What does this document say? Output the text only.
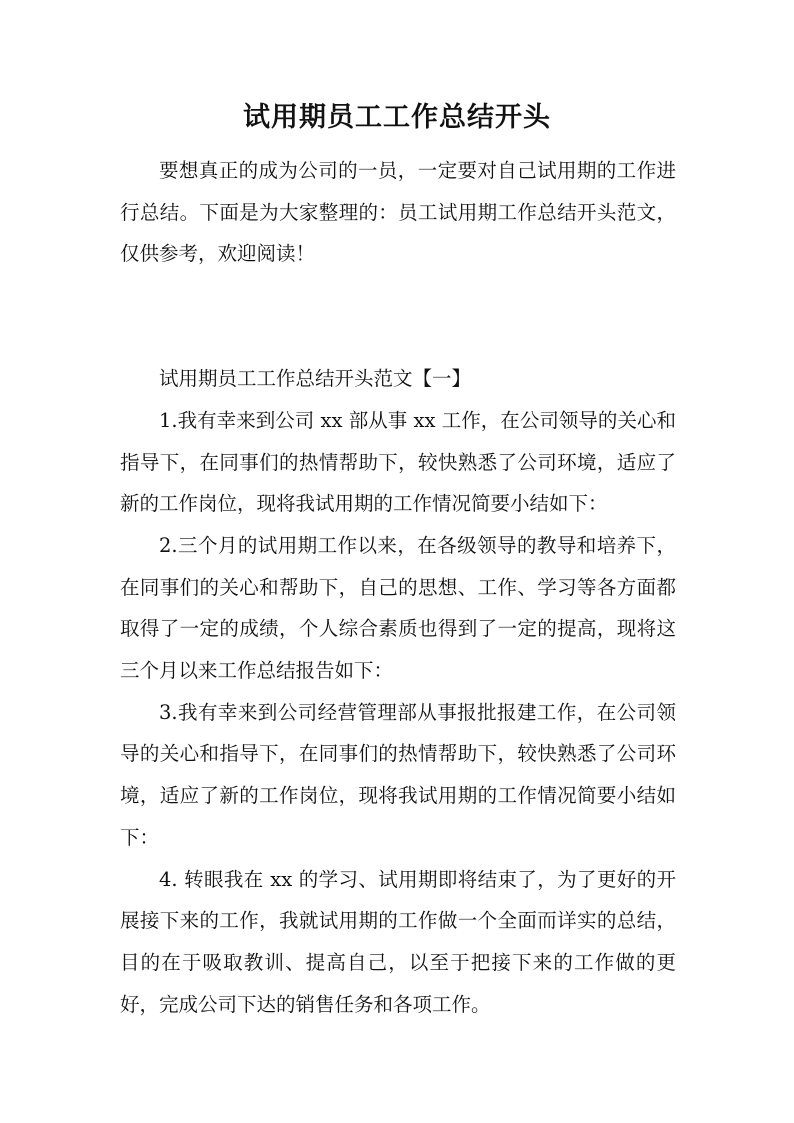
试用期员工工作总结开头

要想真正的成为公司的一员，一定要对自己试用期的工作进行总结。下面是为大家整理的：员工试用期工作总结开头范文，仅供参考，欢迎阅读！

试用期员工工作总结开头范文【一】

1.我有幸来到公司 xx 部从事 xx 工作，在公司领导的关心和指导下，在同事们的热情帮助下，较快熟悉了公司环境，适应了新的工作岗位，现将我试用期的工作情况简要小结如下：

2.三个月的试用期工作以来，在各级领导的教导和培养下，在同事们的关心和帮助下，自己的思想、工作、学习等各方面都取得了一定的成绩，个人综合素质也得到了一定的提高，现将这三个月以来工作总结报告如下：

3.我有幸来到公司经营管理部从事报批报建工作，在公司领导的关心和指导下，在同事们的热情帮助下，较快熟悉了公司环境，适应了新的工作岗位，现将我试用期的工作情况简要小结如下：

4. 转眼我在 xx 的学习、试用期即将结束了，为了更好的开展接下来的工作，我就试用期的工作做一个全面而详实的总结，目的在于吸取教训、提高自己，以至于把接下来的工作做的更好，完成公司下达的销售任务和各项工作。
